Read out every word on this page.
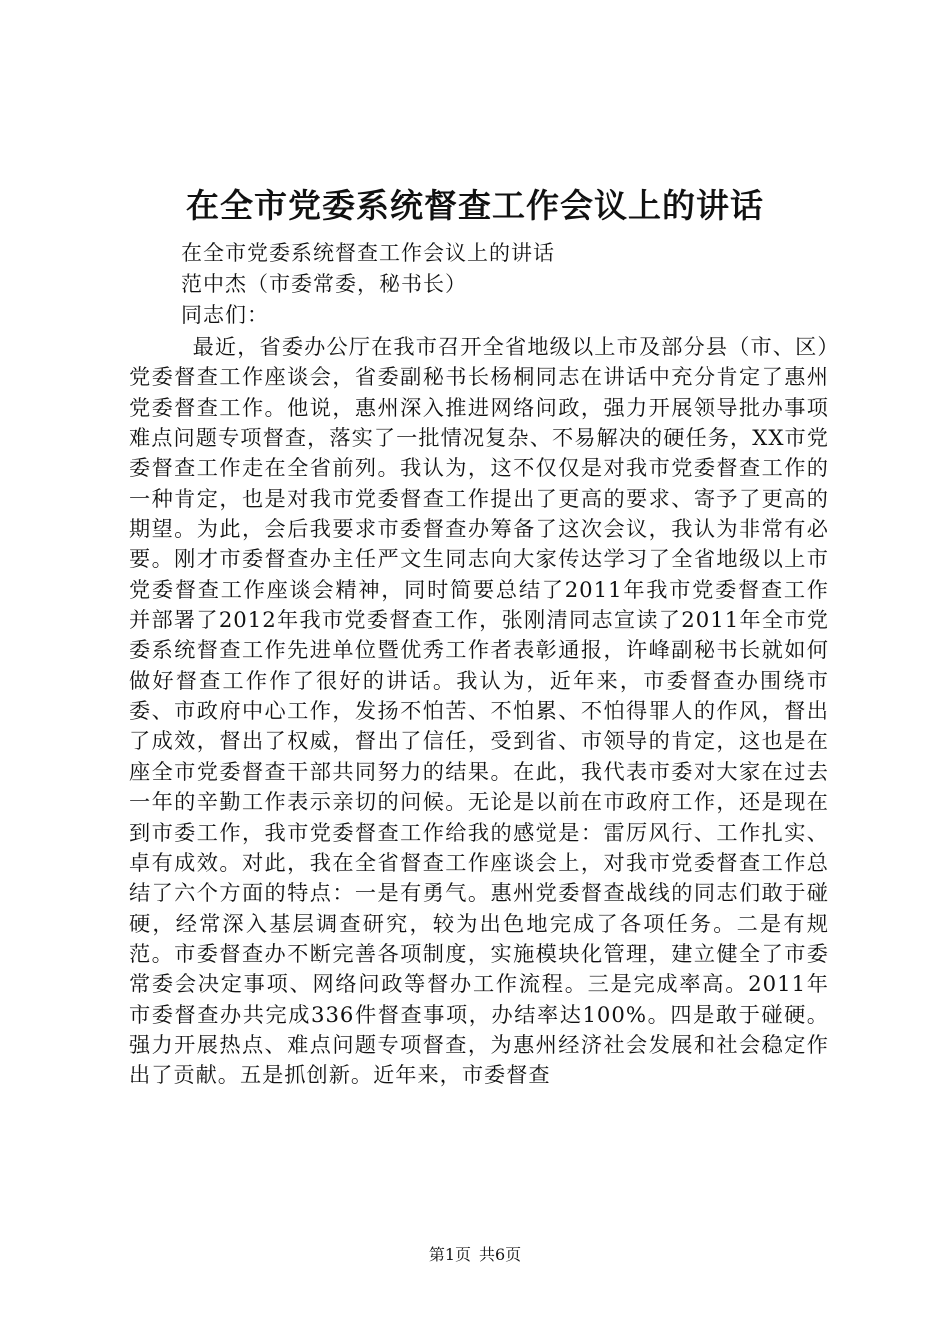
在全市党委系统督查工作会议上的讲话
在全市党委系统督查工作会议上的讲话
范中杰（市委常委，秘书长）
同志们：

最近，省委办公厅在我市召开全省地级以上市及部分县（市、区）党委督查工作座谈会，省委副秘书长杨桐同志在讲话中充分肯定了惠州党委督查工作。他说，惠州深入推进网络问政，强力开展领导批办事项难点问题专项督查，落实了一批情况复杂、不易解决的硬任务，XX市党委督查工作走在全省前列。我认为，这不仅仅是对我市党委督查工作的一种肯定，也是对我市党委督查工作提出了更高的要求、寄予了更高的期望。为此，会后我要求市委督查办筹备了这次会议，我认为非常有必要。刚才市委督查办主任严文生同志向大家传达学习了全省地级以上市党委督查工作座谈会精神，同时简要总结了2011年我市党委督查工作并部署了2012年我市党委督查工作，张刚清同志宣读了2011年全市党委系统督查工作先进单位暨优秀工作者表彰通报，许峰副秘书长就如何做好督查工作作了很好的讲话。我认为，近年来，市委督查办围绕市委、市政府中心工作，发扬不怕苦、不怕累、不怕得罪人的作风，督出了成效，督出了权威，督出了信任，受到省、市领导的肯定，这也是在座全市党委督查干部共同努力的结果。在此，我代表市委对大家在过去一年的辛勤工作表示亲切的问候。无论是以前在市政府工作，还是现在到市委工作，我市党委督查工作给我的感觉是：雷厉风行、工作扎实、卓有成效。对此，我在全省督查工作座谈会上，对我市党委督查工作总结了六个方面的特点：一是有勇气。惠州党委督查战线的同志们敢于碰硬，经常深入基层调查研究，较为出色地完成了各项任务。二是有规范。市委督查办不断完善各项制度，实施模块化管理，建立健全了市委常委会决定事项、网络问政等督办工作流程。三是完成率高。2011年市委督查办共完成336件督查事项，办结率达100%。四是敢于碰硬。强力开展热点、难点问题专项督查，为惠州经济社会发展和社会稳定作出了贡献。五是抓创新。近年来，市委督查

第1页 共6页
